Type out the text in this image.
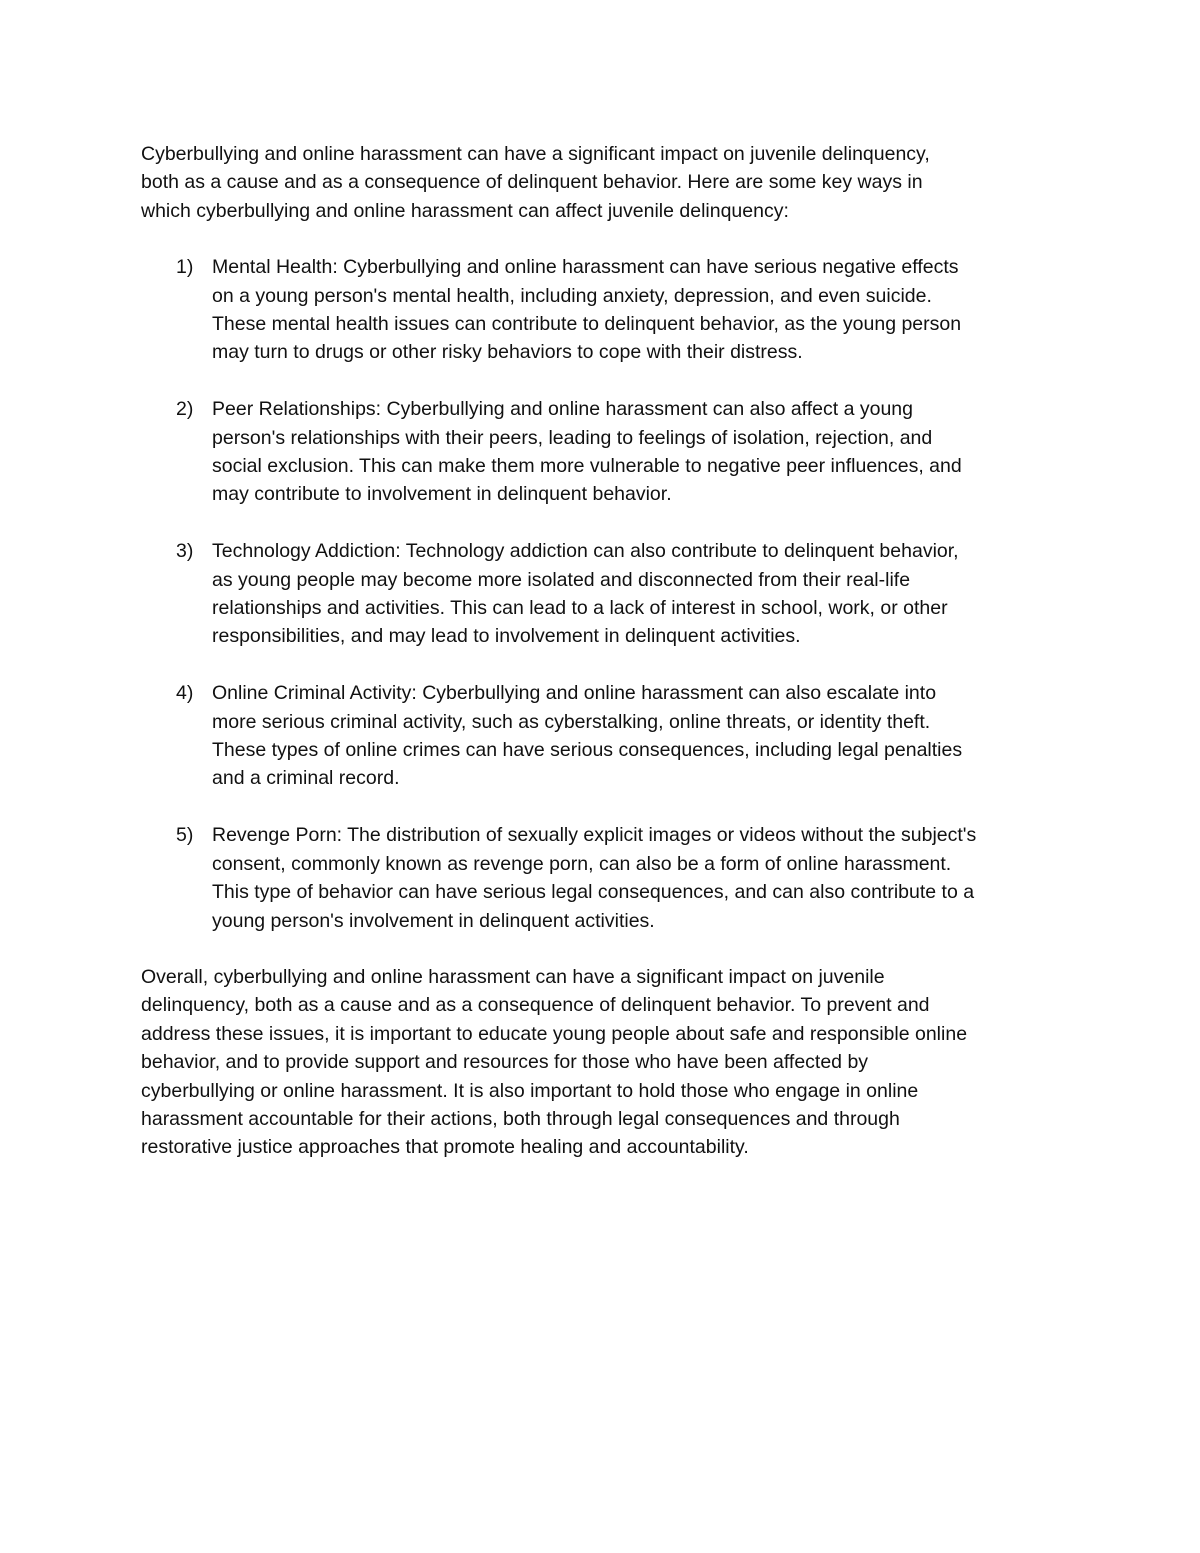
Cyberbullying and online harassment can have a significant impact on juvenile delinquency,
both as a cause and as a consequence of delinquent behavior. Here are some key ways in
which cyberbullying and online harassment can affect juvenile delinquency:

1) Mental Health: Cyberbullying and online harassment can have serious negative effects
on a young person's mental health, including anxiety, depression, and even suicide.
These mental health issues can contribute to delinquent behavior, as the young person
may turn to drugs or other risky behaviors to cope with their distress.
2) Peer Relationships: Cyberbullying and online harassment can also affect a young
person's relationships with their peers, leading to feelings of isolation, rejection, and
social exclusion. This can make them more vulnerable to negative peer influences, and
may contribute to involvement in delinquent behavior.
3) Technology Addiction: Technology addiction can also contribute to delinquent behavior,
as young people may become more isolated and disconnected from their real-life
relationships and activities. This can lead to a lack of interest in school, work, or other
responsibilities, and may lead to involvement in delinquent activities.
4) Online Criminal Activity: Cyberbullying and online harassment can also escalate into
more serious criminal activity, such as cyberstalking, online threats, or identity theft.
These types of online crimes can have serious consequences, including legal penalties
and a criminal record.
5) Revenge Porn: The distribution of sexually explicit images or videos without the subject's
consent, commonly known as revenge porn, can also be a form of online harassment.
This type of behavior can have serious legal consequences, and can also contribute to a
young person's involvement in delinquent activities.

Overall, cyberbullying and online harassment can have a significant impact on juvenile
delinquency, both as a cause and as a consequence of delinquent behavior. To prevent and
address these issues, it is important to educate young people about safe and responsible online
behavior, and to provide support and resources for those who have been affected by
cyberbullying or online harassment. It is also important to hold those who engage in online
harassment accountable for their actions, both through legal consequences and through
restorative justice approaches that promote healing and accountability.
